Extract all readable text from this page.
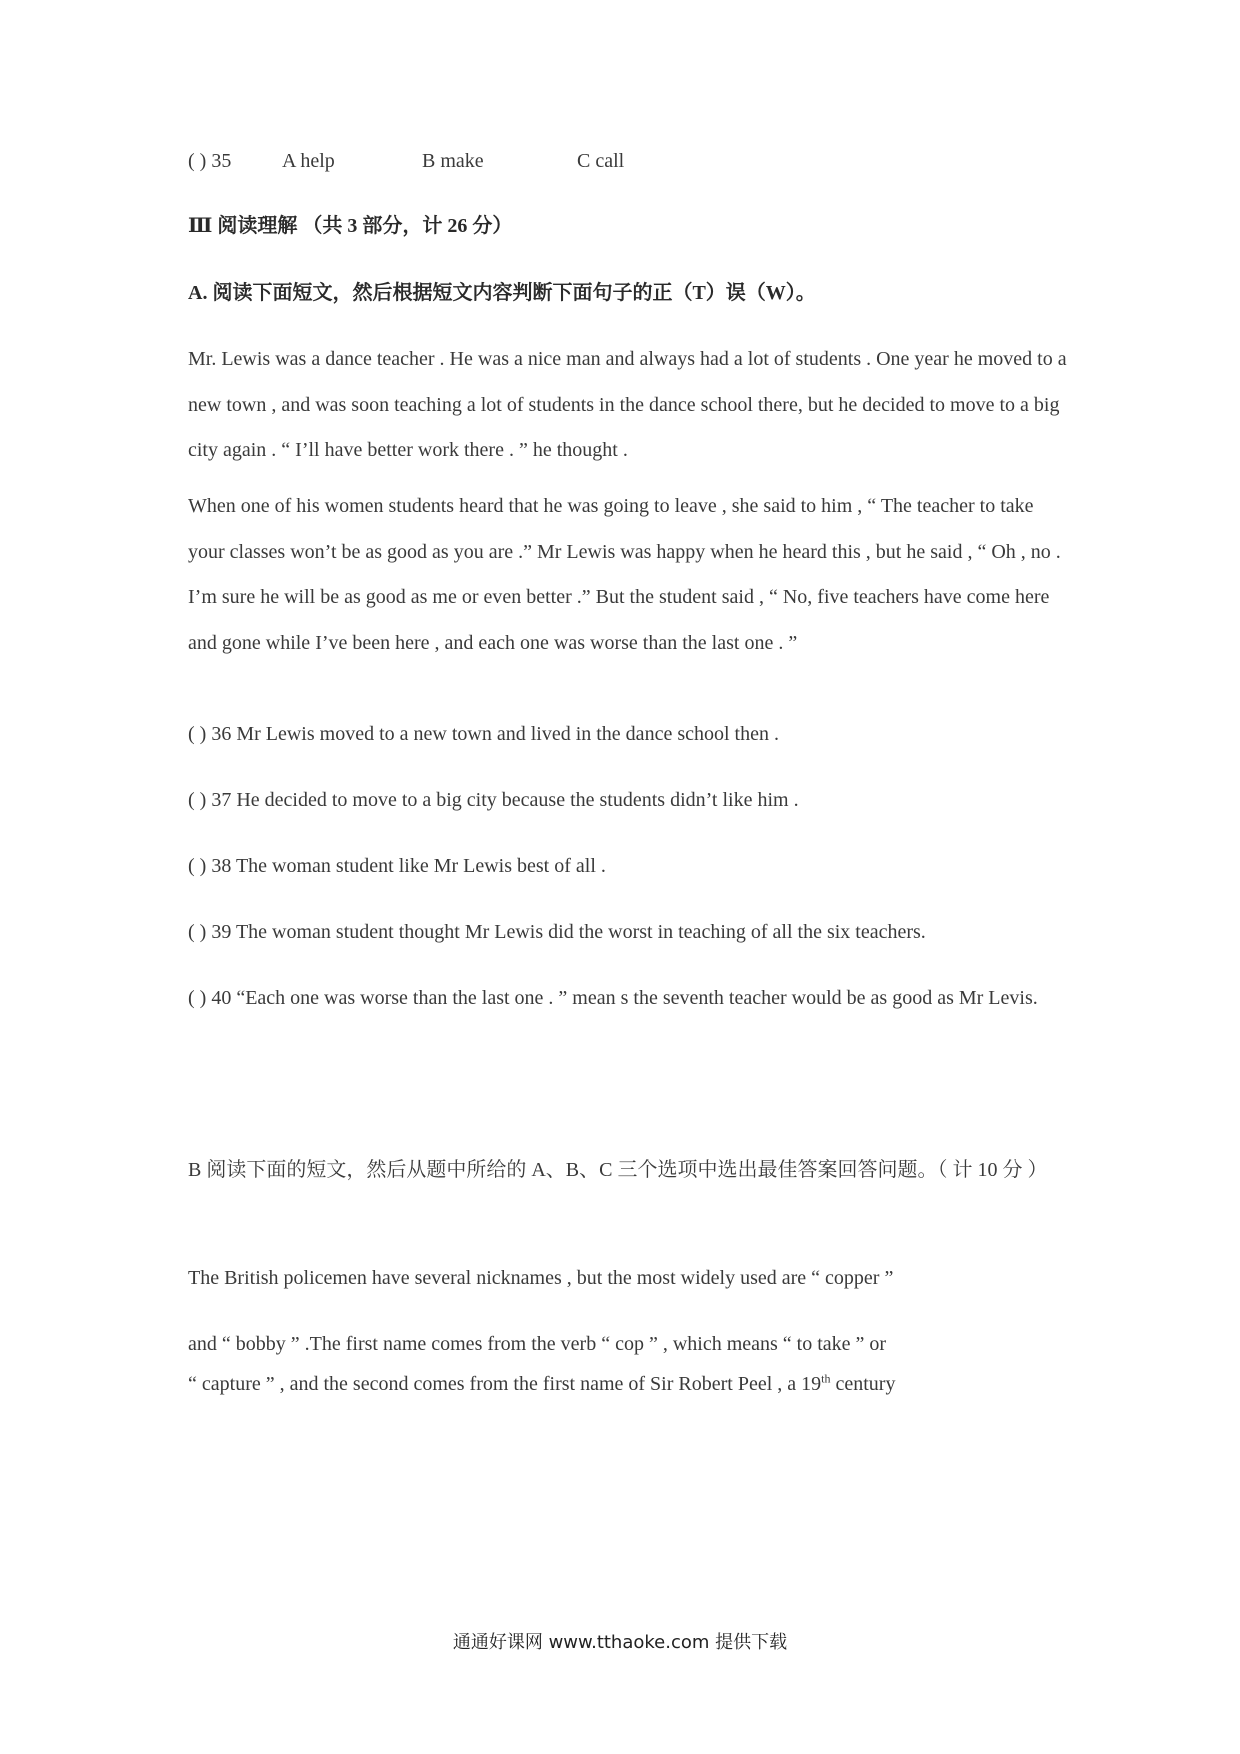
( ) 35	A help	B make	C call
Ⅲ 阅读理解 （共 3 部分，计 26 分）
A. 阅读下面短文，然后根据短文内容判断下面句子的正（T）误（W）。
Mr. Lewis was a dance teacher . He was a nice man and always had a lot of students . One year he moved to a new town , and was soon teaching a lot of students in the dance school there, but he decided to move to a big city again . “ I’ll have better work there . ” he thought .
When one of his women students heard that he was going to leave , she said to him , “ The teacher to take your classes won’t be as good as you are .” Mr Lewis was happy when he heard this , but he said , “ Oh , no . I’m sure he will be as good as me or even better .” But the student said , “ No, five teachers have come here and gone while I’ve been here , and each one was worse than the last one . ”
( ) 36 Mr Lewis moved to a new town and lived in the dance school then .
( ) 37 He decided to move to a big city because the students didn’t like him .
( ) 38 The woman student like Mr Lewis best of all .
( ) 39 The woman student thought Mr Lewis did the worst in teaching of all the six teachers.
( ) 40 “Each one was worse than the last one . ” mean s the seventh teacher would be as good as Mr Levis.
B 阅读下面的短文，然后从题中所给的 A、B、C 三个选项中选出最佳答案回答问题。（ 计 10 分 ）
The British policemen have several nicknames , but the most widely used are “ copper ”
and “ bobby ” .The first name comes from the verb “ cop ” , which means “ to take ” or
“ capture ” , and the second comes from the first name of Sir Robert Peel , a 19th century
通通好课网 www.tthaoke.com 提供下载
